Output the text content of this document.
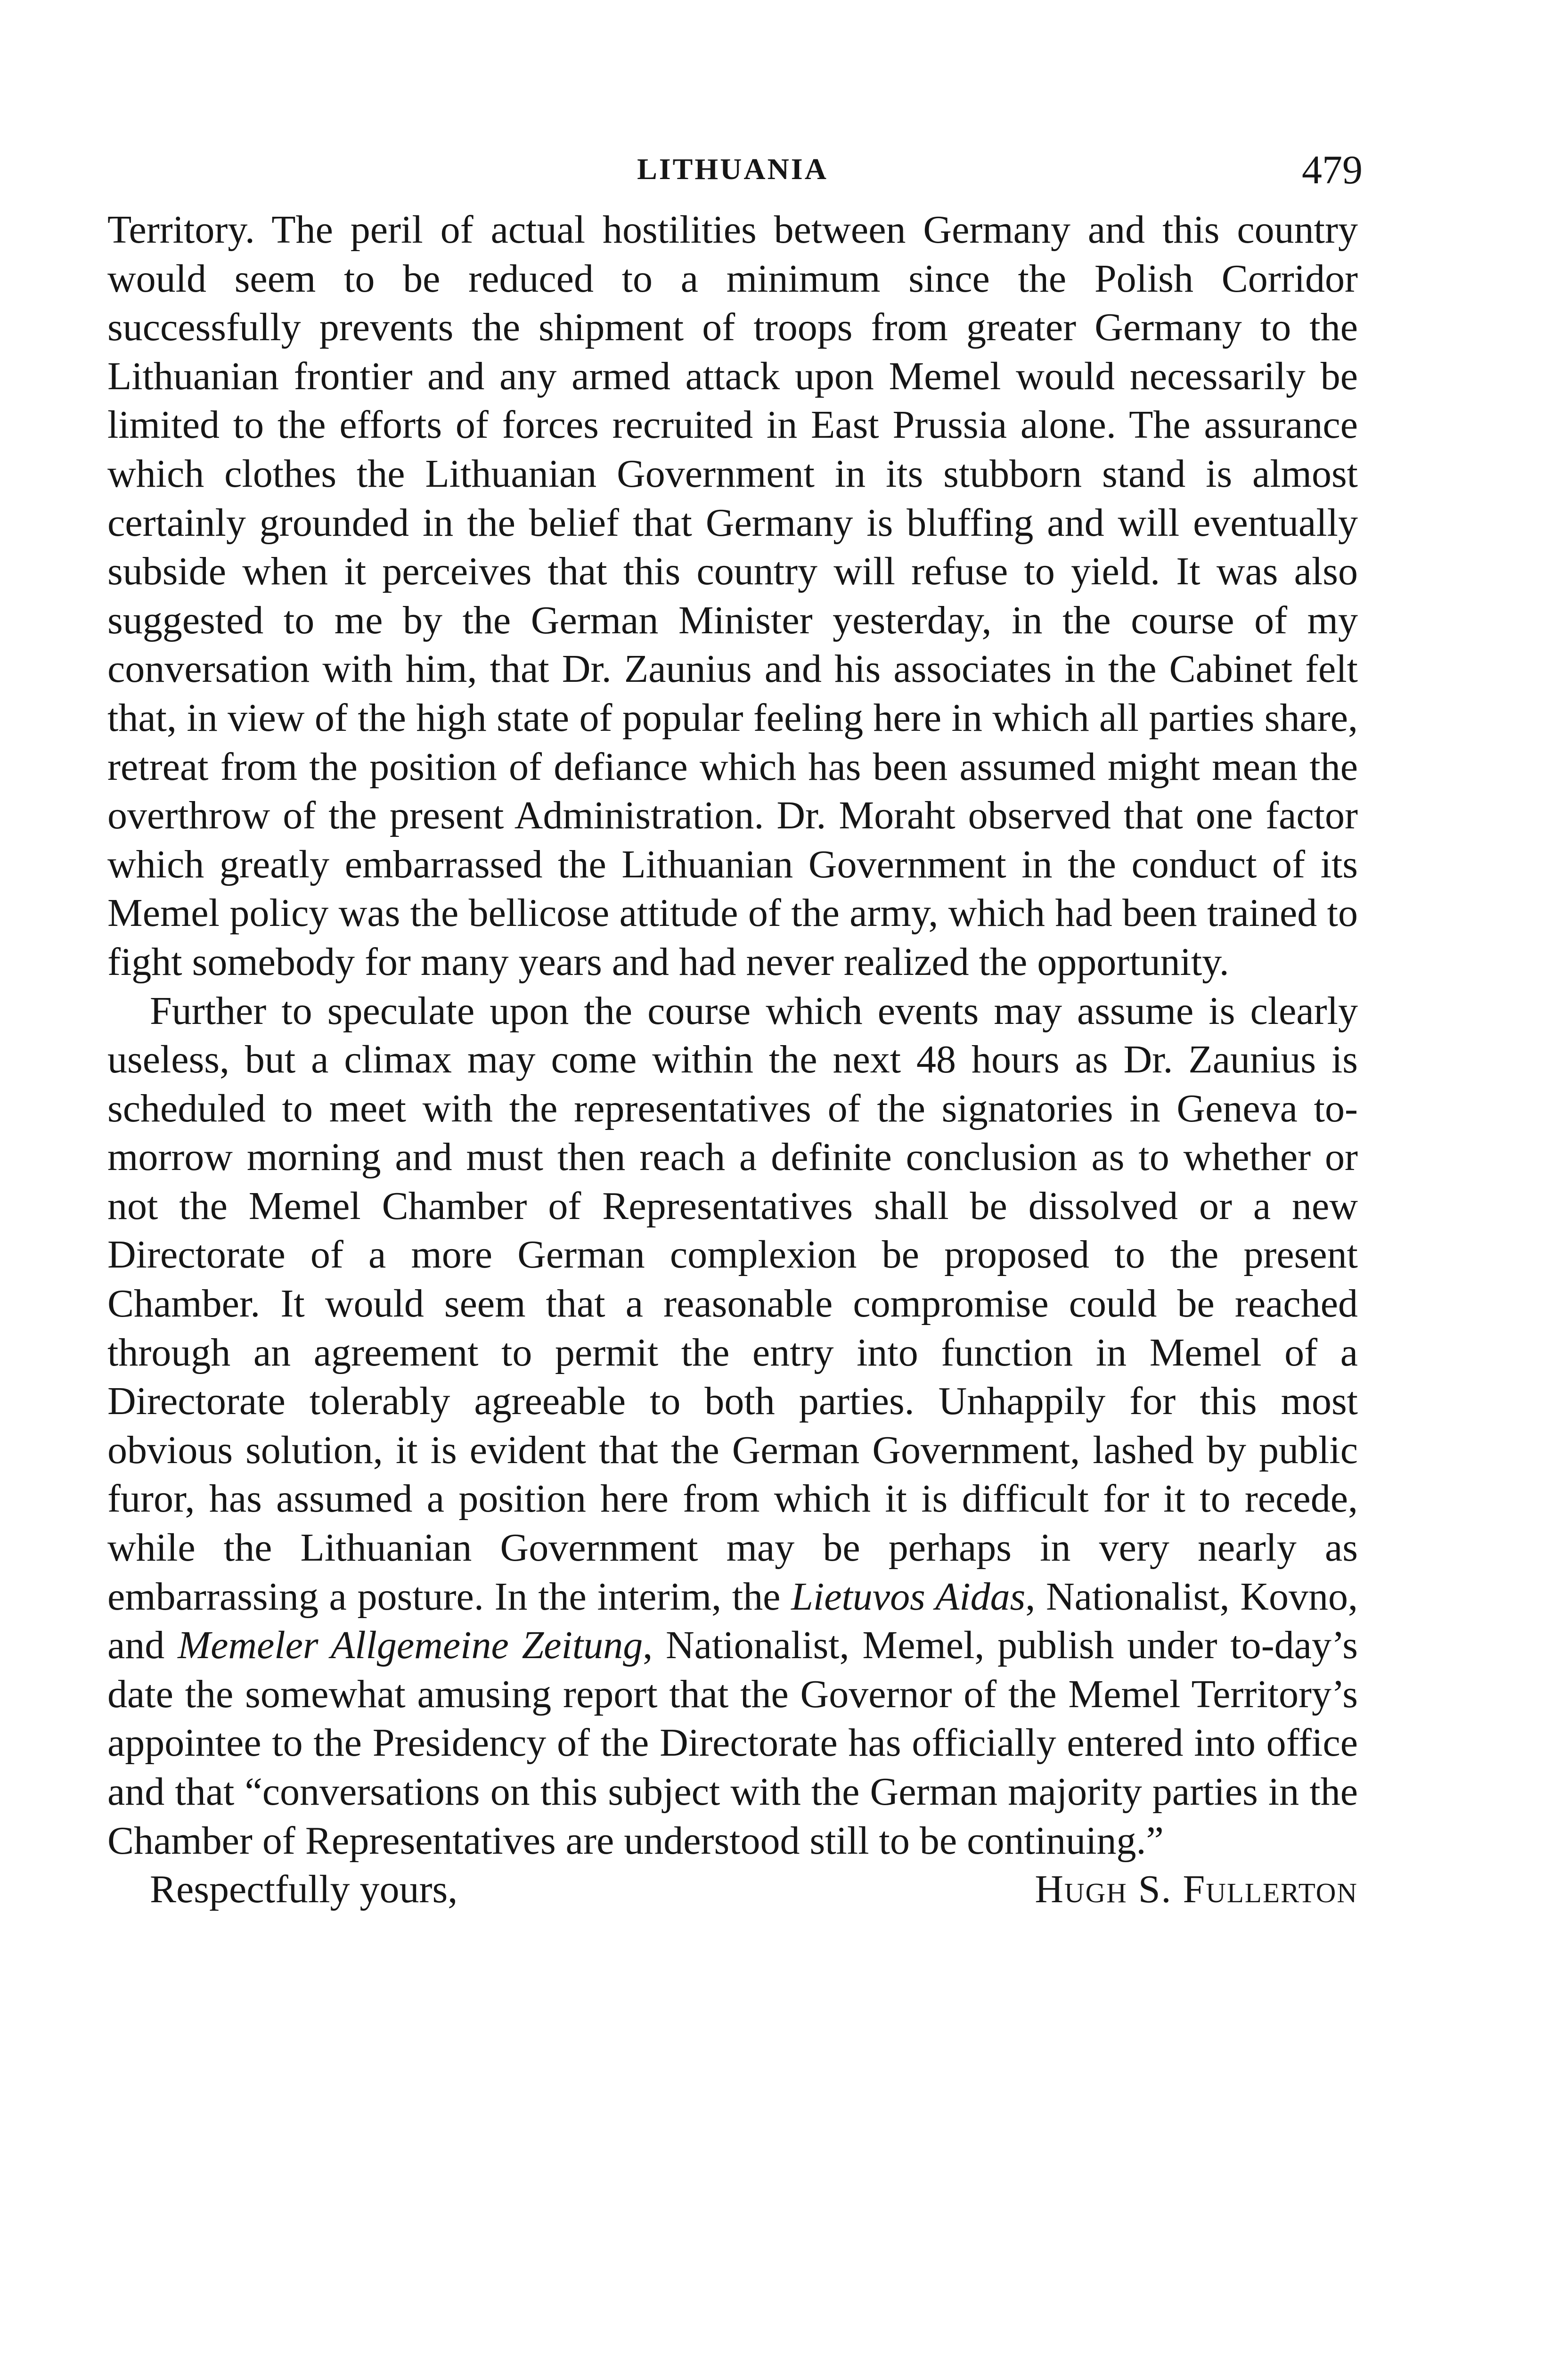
LITHUANIA	479

Territory. The peril of actual hostilities between Germany and this country would seem to be reduced to a minimum since the Polish Corridor successfully prevents the shipment of troops from greater Germany to the Lithuanian frontier and any armed attack upon Memel would necessarily be limited to the efforts of forces recruited in East Prussia alone. The assurance which clothes the Lithuanian Government in its stubborn stand is almost certainly grounded in the belief that Germany is bluffing and will eventually subside when it perceives that this country will refuse to yield. It was also suggested to me by the German Minister yesterday, in the course of my conversation with him, that Dr. Zaunius and his associates in the Cabinet felt that, in view of the high state of popular feeling here in which all parties share, retreat from the position of defiance which has been assumed might mean the overthrow of the present Administration. Dr. Moraht observed that one factor which greatly embarrassed the Lithuanian Government in the conduct of its Memel policy was the bellicose attitude of the army, which had been trained to fight somebody for many years and had never realized the opportunity.

Further to speculate upon the course which events may assume is clearly useless, but a climax may come within the next 48 hours as Dr. Zaunius is scheduled to meet with the representatives of the signatories in Geneva to-morrow morning and must then reach a definite conclusion as to whether or not the Memel Chamber of Representatives shall be dissolved or a new Directorate of a more German complexion be proposed to the present Chamber. It would seem that a reasonable compromise could be reached through an agreement to permit the entry into function in Memel of a Directorate tolerably agreeable to both parties. Unhappily for this most obvious solution, it is evident that the German Government, lashed by public furor, has assumed a position here from which it is difficult for it to recede, while the Lithuanian Government may be perhaps in very nearly as embarrassing a posture. In the interim, the Lietuvos Aidas, Nationalist, Kovno, and Memeler Allgemeine Zeitung, Nationalist, Memel, publish under to-day’s date the somewhat amusing report that the Governor of the Memel Territory’s appointee to the Presidency of the Directorate has officially entered into office and that “conversations on this subject with the German majority parties in the Chamber of Representatives are understood still to be continuing.”

Respectfully yours,	Hugh S. Fullerton
